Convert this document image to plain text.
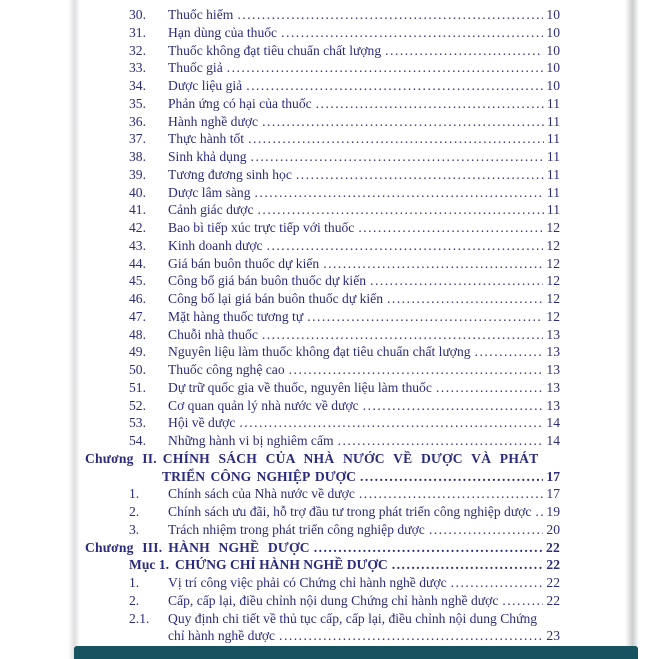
30.	Thuốc hiếm .....	10
31.	Hạn dùng của thuốc .....	10
32.	Thuốc không đạt tiêu chuẩn chất lượng .....	10
33.	Thuốc giả .....	10
34.	Dược liệu giả .....	10
35.	Phản ứng có hại của thuốc .....	11
36.	Hành nghề dược .....	11
37.	Thực hành tốt .....	11
38.	Sinh khả dụng .....	11
39.	Tương đương sinh học .....	11
40.	Dược lâm sàng .....	11
41.	Cảnh giác dược .....	11
42.	Bao bì tiếp xúc trực tiếp với thuốc .....	12
43.	Kinh doanh dược .....	12
44.	Giá bán buôn thuốc dự kiến .....	12
45.	Công bố giá bán buôn thuốc dự kiến .....	12
46.	Công bố lại giá bán buôn thuốc dự kiến .....	12
47.	Mặt hàng thuốc tương tự .....	12
48.	Chuỗi nhà thuốc .....	13
49.	Nguyên liệu làm thuốc không đạt tiêu chuẩn chất lượng .....	13
50.	Thuốc công nghệ cao .....	13
51.	Dự trữ quốc gia về thuốc, nguyên liệu làm thuốc .....	13
52.	Cơ quan quản lý nhà nước về dược .....	13
53.	Hội về dược .....	14
54.	Những hành vi bị nghiêm cấm .....	14
Chương II. CHÍNH SÁCH CỦA NHÀ NƯỚC VỀ DƯỢC VÀ PHÁT
TRIỂN CÔNG NGHIỆP DƯỢC .....	17
1.	Chính sách của Nhà nước về dược .....	17
2.	Chính sách ưu đãi, hỗ trợ đầu tư trong phát triển công nghiệp dược ..... 19
3.	Trách nhiệm trong phát triển công nghiệp dược .....	20
Chương III. HÀNH NGHỀ DƯỢC .....	22
Mục 1. CHỨNG CHỈ HÀNH NGHỀ DƯỢC .....	22
1.	Vị trí công việc phải có Chứng chỉ hành nghề dược .....	22
2.	Cấp, cấp lại, điều chỉnh nội dung Chứng chỉ hành nghề dược .....	22
2.1.	Quy định chi tiết về thủ tục cấp, cấp lại, điều chỉnh nội dung Chứng
chỉ hành nghề dược .....	23
